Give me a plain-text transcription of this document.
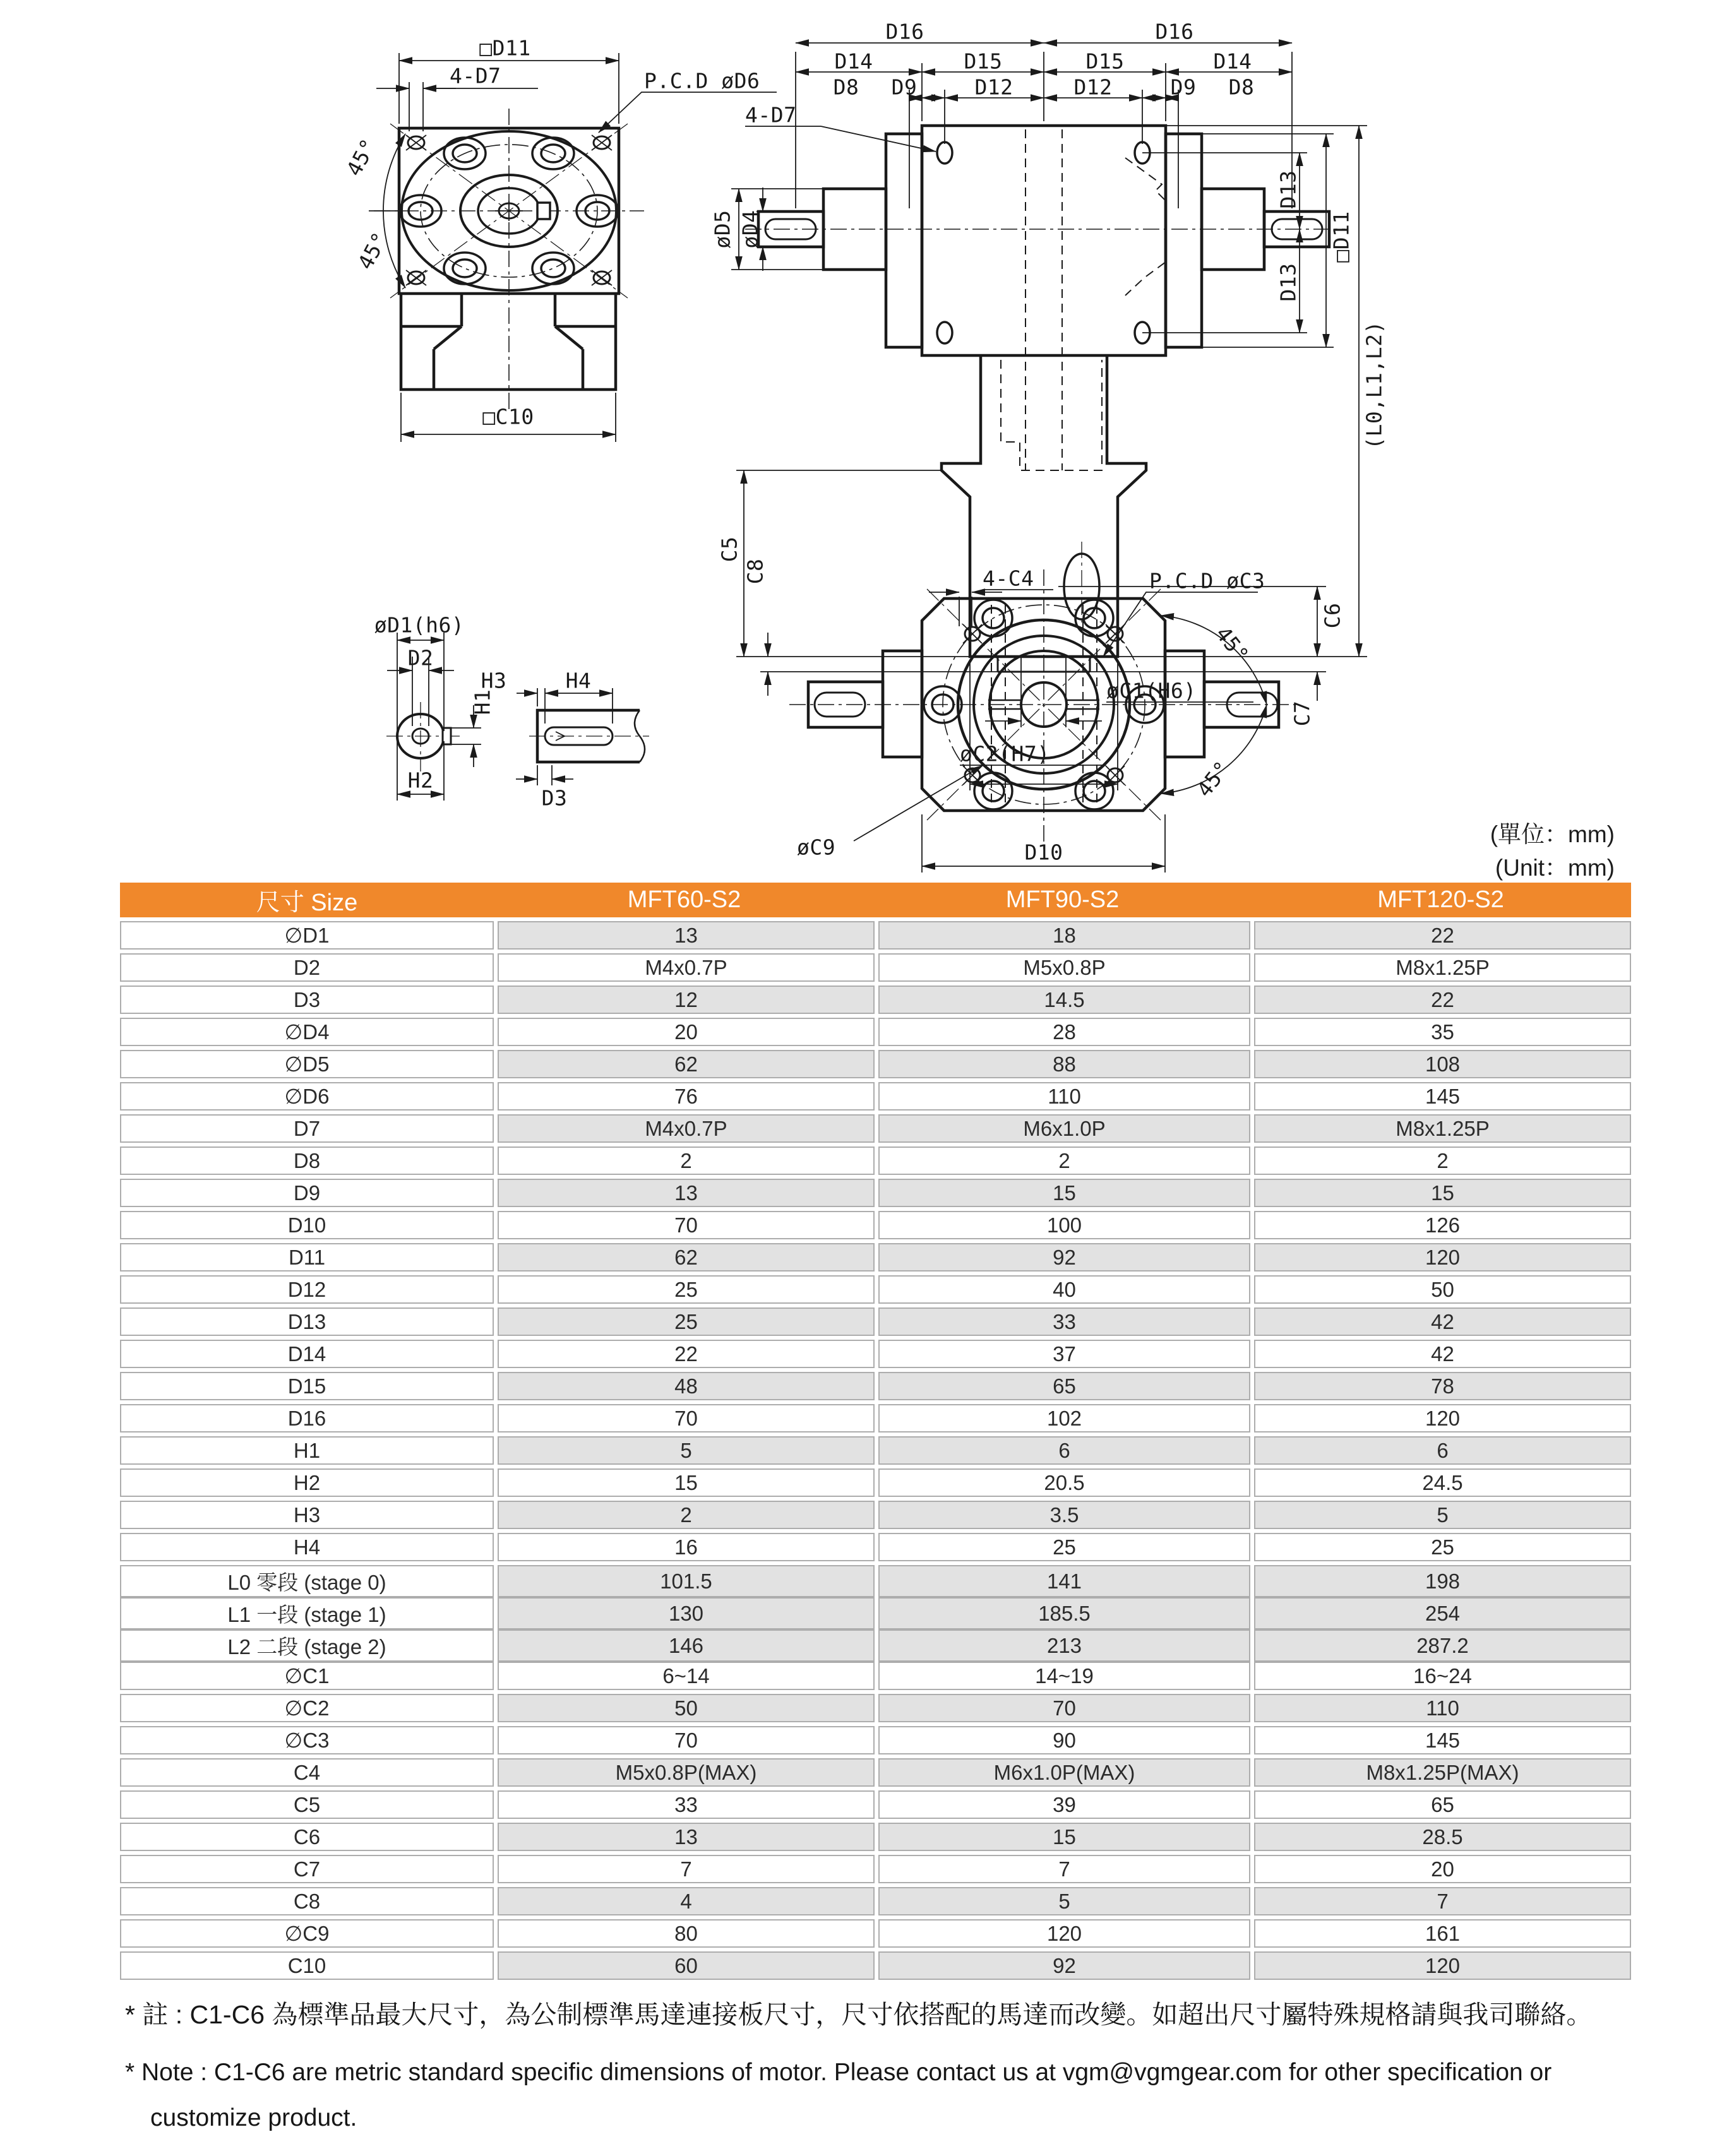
□D11
4-D7	P.C.D øD6
45°
45°
□C10
D16	D16
D14	D15	D15	D14
D8 D9	D12	D12	D9 D8
4-D7
øD5 øD4
D13
D13
□D11
(L0,L1,L2)
C5
C8
C6
C7
øC1(H6)
øC2(H7)
øD1(h6)
D2
H1
H2
H3	H4
D3
4-C4	P.C.D øC3
45°
45°
øC9	D10
(單位：mm)
(Unit：mm)
尺寸 Size	MFT60-S2	MFT90-S2	MFT120-S2
∅D1	13	18	22
D2	M4x0.7P	M5x0.8P	M8x1.25P
D3	12	14.5	22
∅D4	20	28	35
∅D5	62	88	108
∅D6	76	110	145
D7	M4x0.7P	M6x1.0P	M8x1.25P
D8	2	2	2
D9	13	15	15
D10	70	100	126
D11	62	92	120
D12	25	40	50
D13	25	33	42
D14	22	37	42
D15	48	65	78
D16	70	102	120
H1	5	6	6
H2	15	20.5	24.5
H3	2	3.5	5
H4	16	25	25
L0 零段 (stage 0)	101.5	141	198
L1 一段 (stage 1)	130	185.5	254
L2 二段 (stage 2)	146	213	287.2
∅C1	6~14	14~19	16~24
∅C2	50	70	110
∅C3	70	90	145
C4	M5x0.8P(MAX)	M6x1.0P(MAX)	M8x1.25P(MAX)
C5	33	39	65
C6	13	15	28.5
C7	7	7	20
C8	4	5	7
∅C9	80	120	161
C10	60	92	120

* 註 : C1-C6 為標準品最大尺寸，為公制標準馬達連接板尺寸，尺寸依搭配的馬達而改變。如超出尺寸屬特殊規格請與我司聯絡。

* Note : C1-C6 are metric standard specific dimensions of motor. Please contact us at vgm@vgmgear.com for other specification or customize product.
